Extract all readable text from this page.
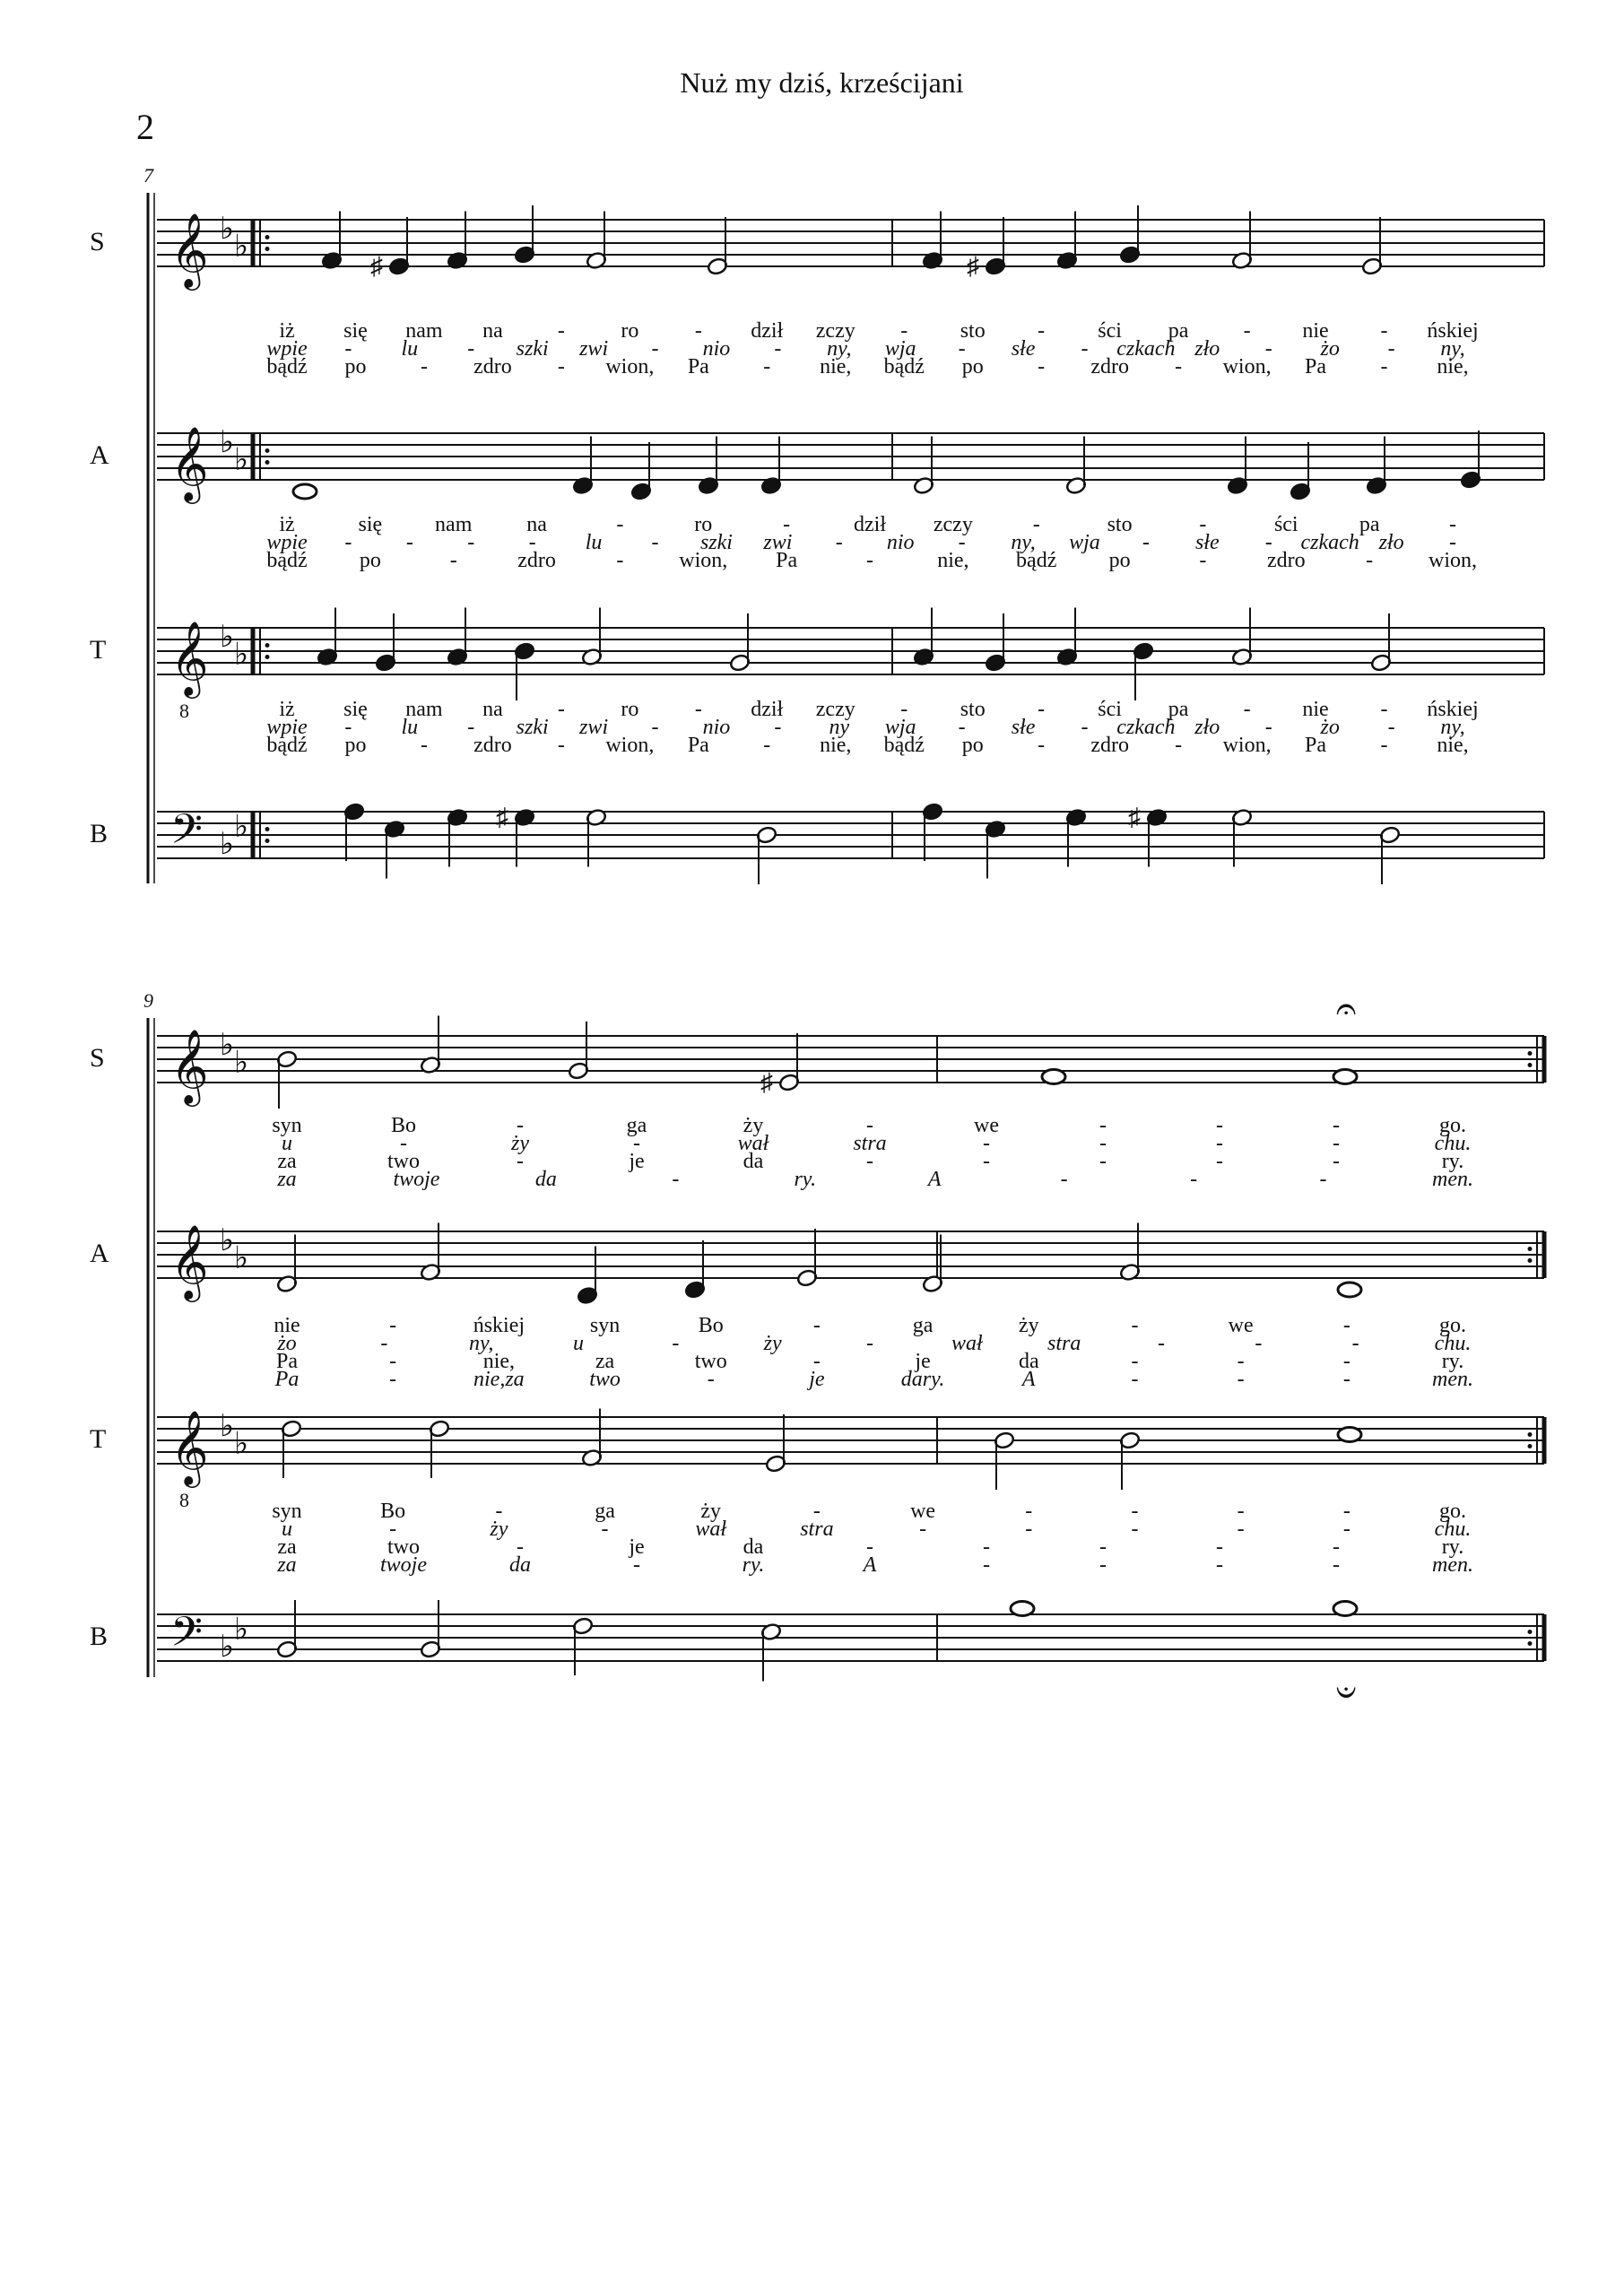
Nuż my dziś, krześcijani
2
7
𝄞 ♭
♭
S
♯	♯
iż się nam na	-	ro	- dził zczy - sto - ści pa	- nie - ńskiej
wpie - lu - szki zwi - nio - ny, wja - słe - czkach zło - żo - ny,
bądź po	- zdro - wion, Pa	- nie, bądź po	- zdro - wion, Pa	- nie,
𝄞 ♭
♭
A
iż	się nam	na	-	ro	-	dził zczy	-	sto	-	ści	pa	-
wpie -	-	-	- lu - szki zwi - nio - ny, wja - słe - czkach zło -
bądź po	-	zdro	-	wion, Pa	-	nie, bądź po	-	zdro	-	wion,
𝄞
8
♭
♭
T
iż się nam na	-	ro	- dził zczy - sto - ści pa	- nie - ńskiej
wpie - lu - szki zwi - nio - ny wja - słe - czkach zło - żo - ny,
bądź po	- zdro - wion, Pa	- nie, bądź po	- zdro - wion, Pa	- nie,
𝄢 ♭
♭
B
♯	♯
9
𝄞 ♭
♭
S
♯
syn	Bo	-	ga	ży	-	we	-	-	-	go.
u	-	ży	-	wał	stra	-	-	-	-	chu.
za	two	-	je	da	-	-	-	-	-	ry.
za	twoje	da	-	ry.	A	-	-	-	men.
𝄞 ♭
♭
A
nie	-	ńskiej	syn	Bo	-	ga	ży	-	we	-	go.
żo	-	ny,	u	-	ży	-	wał	stra	-	-	-	chu.
Pa	-	nie,	za	two	-	je	da	-	-	-	ry.
Pa	-	nie,za	two	-	je	dary.	A	-	-	-	men.
𝄞
8
♭
♭
T
syn	Bo	-	ga	ży	-	we	-	-	-	-	go.
u	-	ży	-	wał	stra	-	-	-	-	-	chu.
za	two	-	je	da	-	-	-	-	-	ry.
za	twoje	da	-	ry.	A	-	-	-	-	men.
𝄢 ♭
♭
B
𝄐
𝄑
